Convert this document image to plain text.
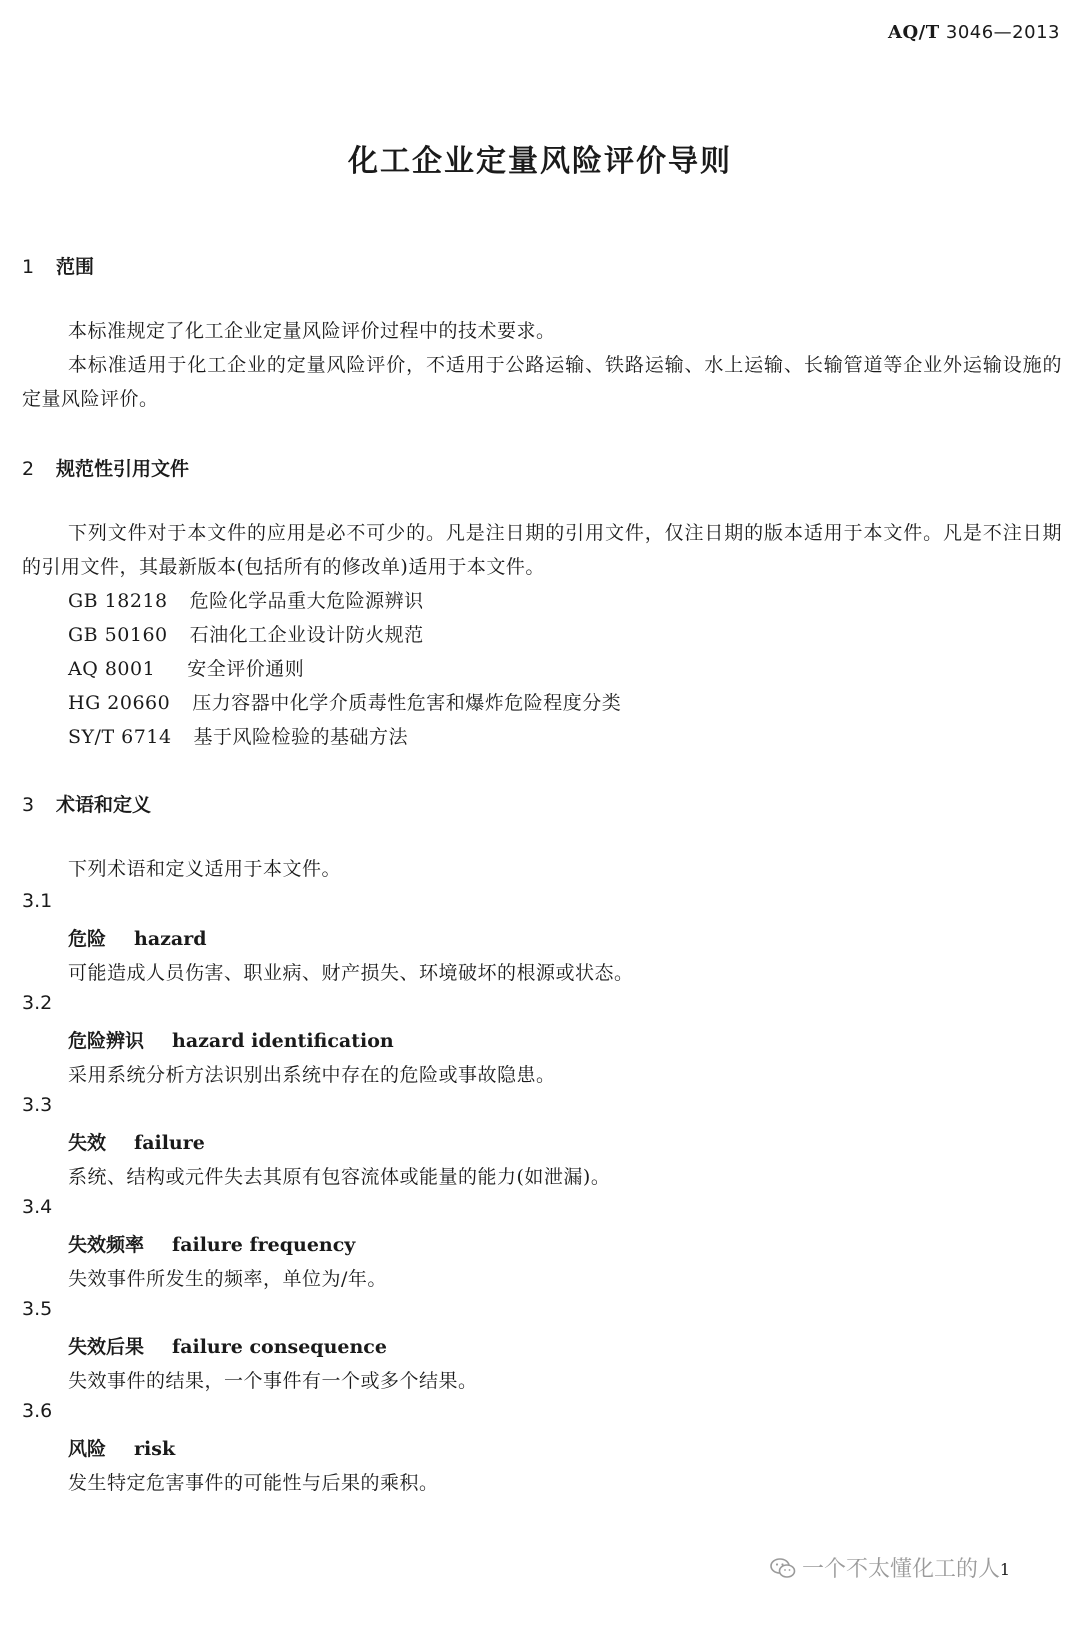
AQ/T 3046—2013
化工企业定量风险评价导则
1 范围

本标准规定了化工企业定量风险评价过程中的技术要求。

本标准适用于化工企业的定量风险评价，不适用于公路运输、铁路运输、水上运输、长输管道等企业外运输设施的定量风险评价。

2 规范性引用文件

下列文件对于本文件的应用是必不可少的。凡是注日期的引用文件，仅注日期的版本适用于本文件。凡是不注日期的引用文件，其最新版本(包括所有的修改单)适用于本文件。

GB 18218 危险化学品重大危险源辨识
GB 50160 石油化工企业设计防火规范
AQ 8001 安全评价通则
HG 20660 压力容器中化学介质毒性危害和爆炸危险程度分类
SY/T 6714 基于风险检验的基础方法
3 术语和定义

下列术语和定义适用于本文件。

3.1
危险 hazard
可能造成人员伤害、职业病、财产损失、环境破坏的根源或状态。
3.2
危险辨识 hazard identification
采用系统分析方法识别出系统中存在的危险或事故隐患。
3.3
失效 failure
系统、结构或元件失去其原有包容流体或能量的能力(如泄漏)。
3.4
失效频率 failure frequency
失效事件所发生的频率，单位为/年。
3.5
失效后果 failure consequence
失效事件的结果，一个事件有一个或多个结果。
3.6
风险 risk
发生特定危害事件的可能性与后果的乘积。
一个不太懂化工的人 1
